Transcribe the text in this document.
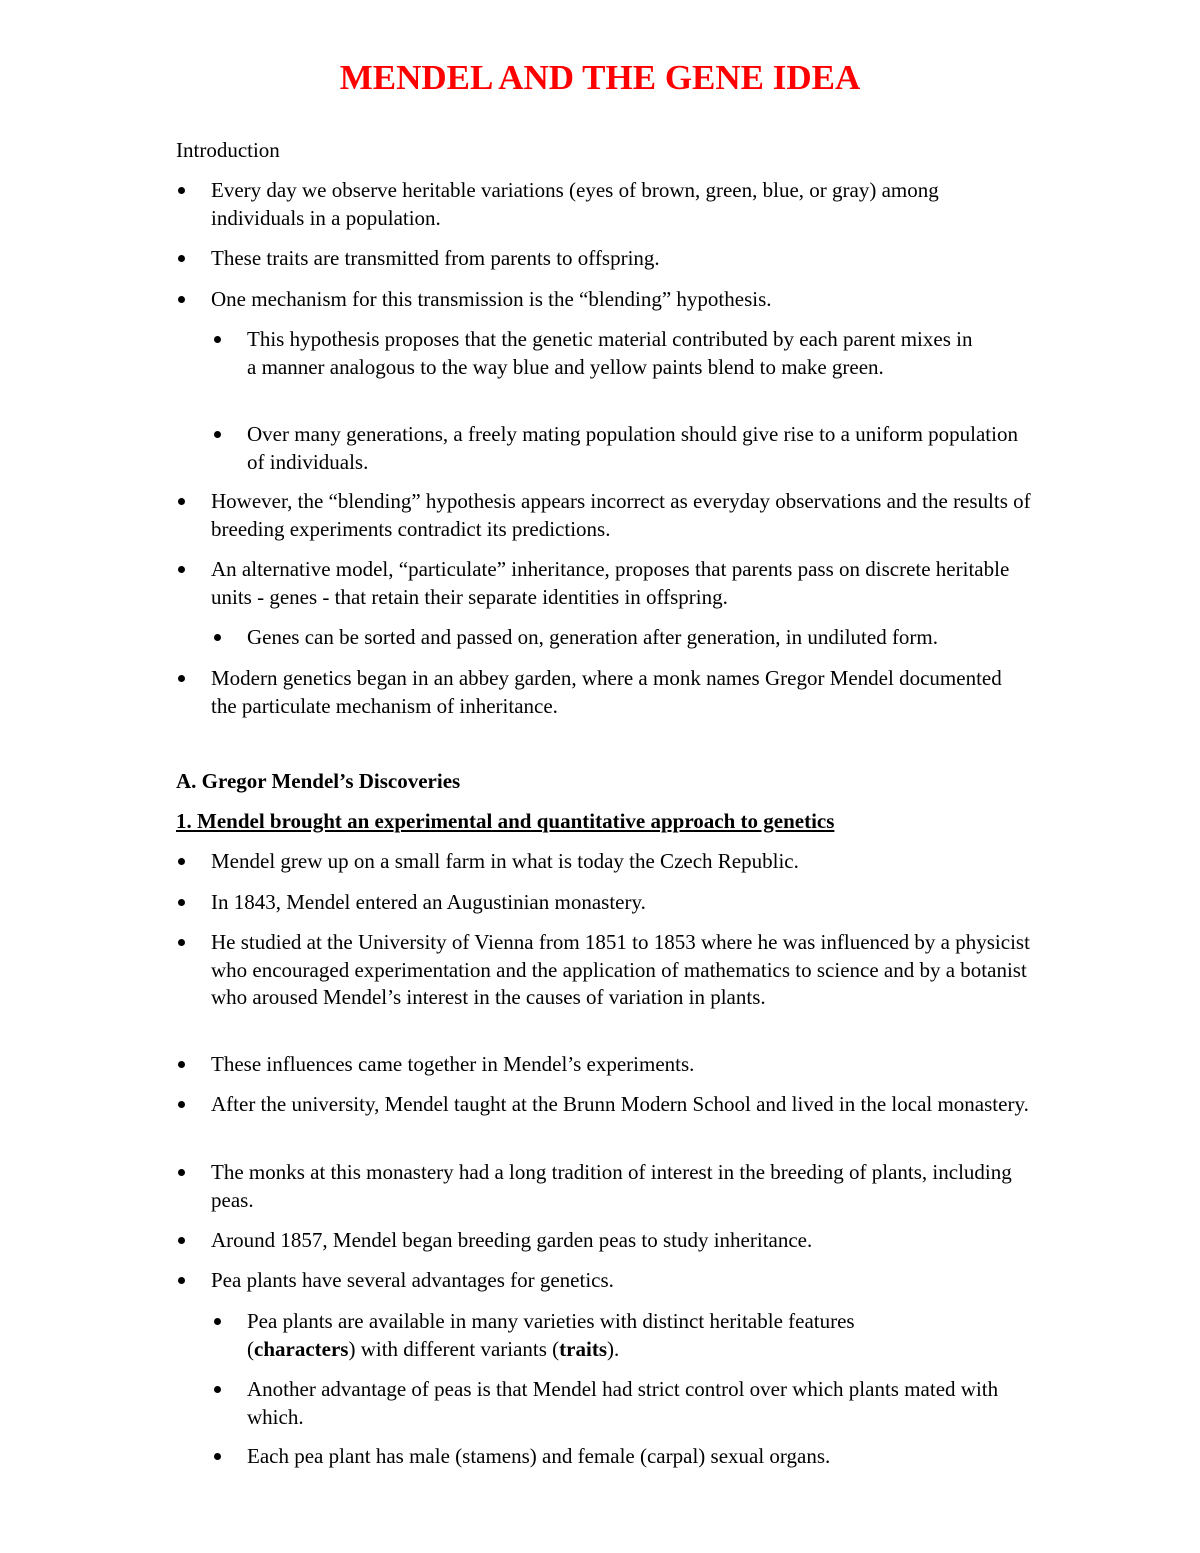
MENDEL AND THE GENE IDEA

Introduction

Every day we observe heritable variations (eyes of brown, green, blue, or gray) among individuals in a population.
These traits are transmitted from parents to offspring.
One mechanism for this transmission is the “blending” hypothesis.
This hypothesis proposes that the genetic material contributed by each parent mixes in a manner analogous to the way blue and yellow paints blend to make green.
Over many generations, a freely mating population should give rise to a uniform population of individuals.
However, the “blending” hypothesis appears incorrect as everyday observations and the results of breeding experiments contradict its predictions.
An alternative model, “particulate” inheritance, proposes that parents pass on discrete heritable units - genes - that retain their separate identities in offspring.
Genes can be sorted and passed on, generation after generation, in undiluted form.
Modern genetics began in an abbey garden, where a monk names Gregor Mendel documented the particulate mechanism of inheritance.

A. Gregor Mendel’s Discoveries

1. Mendel brought an experimental and quantitative approach to genetics

Mendel grew up on a small farm in what is today the Czech Republic.
In 1843, Mendel entered an Augustinian monastery.
He studied at the University of Vienna from 1851 to 1853 where he was influenced by a physicist who encouraged experimentation and the application of mathematics to science and by a botanist who aroused Mendel’s interest in the causes of variation in plants.
These influences came together in Mendel’s experiments.
After the university, Mendel taught at the Brunn Modern School and lived in the local monastery.
The monks at this monastery had a long tradition of interest in the breeding of plants, including peas.
Around 1857, Mendel began breeding garden peas to study inheritance.
Pea plants have several advantages for genetics.
Pea plants are available in many varieties with distinct heritable features (characters) with different variants (traits).
Another advantage of peas is that Mendel had strict control over which plants mated with which.
Each pea plant has male (stamens) and female (carpal) sexual organs.
